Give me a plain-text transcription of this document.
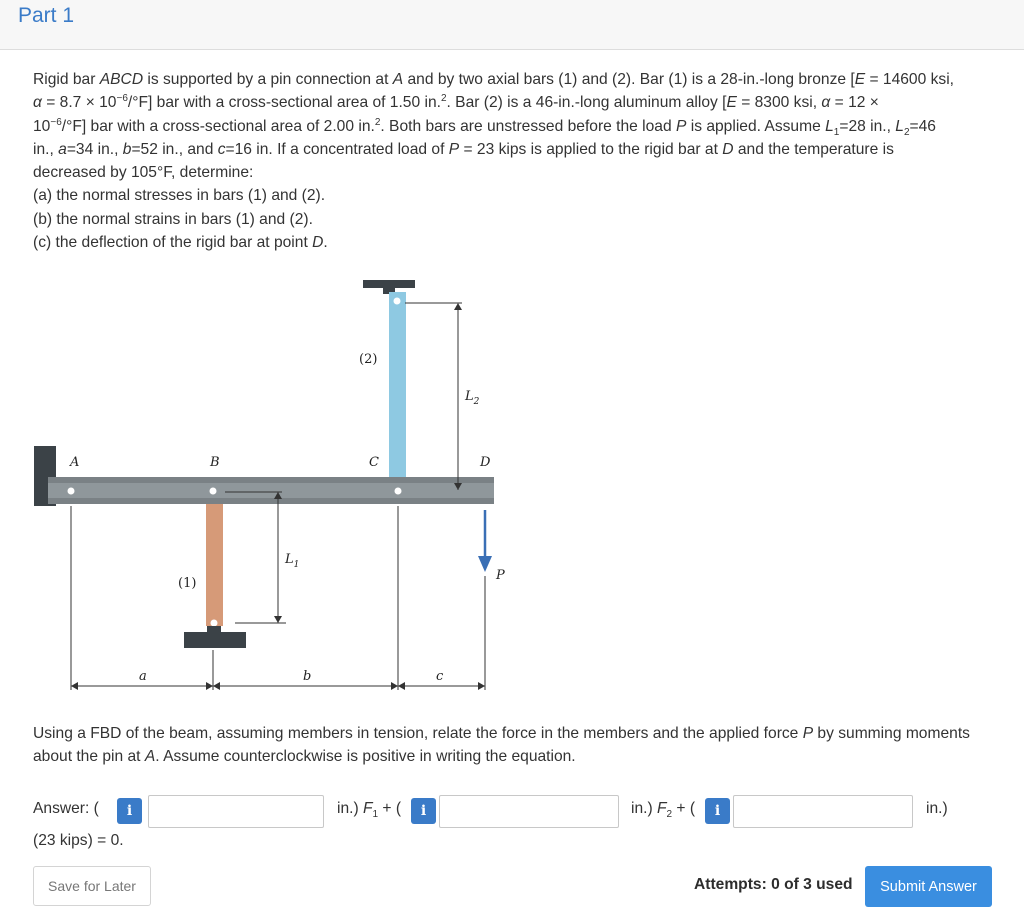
Part 1

Rigid bar ABCD is supported by a pin connection at A and by two axial bars (1) and (2). Bar (1) is a 28-in.-long bronze [E = 14600 ksi,

$\alpha = 8.7 \times 10^{-6}/^\circ F$] bar with a cross-sectional area of 1.50 in.$^2$. Bar (2) is a 46-in.-long aluminum alloy [E = 8300 ksi, α = 12 ×

$10^{-6}/^\circ F$] bar with a cross-sectional area of 2.00 in.$^2$. Both bars are unstressed before the load P is applied. Assume $L_1=28$ in., $L_2=46$

in., a=34 in., b=52 in., and c=16 in. If a concentrated load of P = 23 kips is applied to the rigid bar at D and the temperature is

decreased by 105°F, determine:

(a) the normal stresses in bars (1) and (2).

(b) the normal strains in bars (1) and (2).

(c) the deflection of the rigid bar at point D.

A	B	C	D
(2)
(1)
$L_2$
$L_1$
P
a	b	c
Using a FBD of the beam, assuming members in tension, relate the force in the members and the applied force P by summing moments about the pin at A. Assume counterclockwise is positive in writing the equation.
Answer: (	i	in.) $F_1$ + (	i	in.) $F_2$ + (	i	in.)
(23 kips) = 0.
Save for Later	Attempts: 0 of 3 used	Submit Answer
